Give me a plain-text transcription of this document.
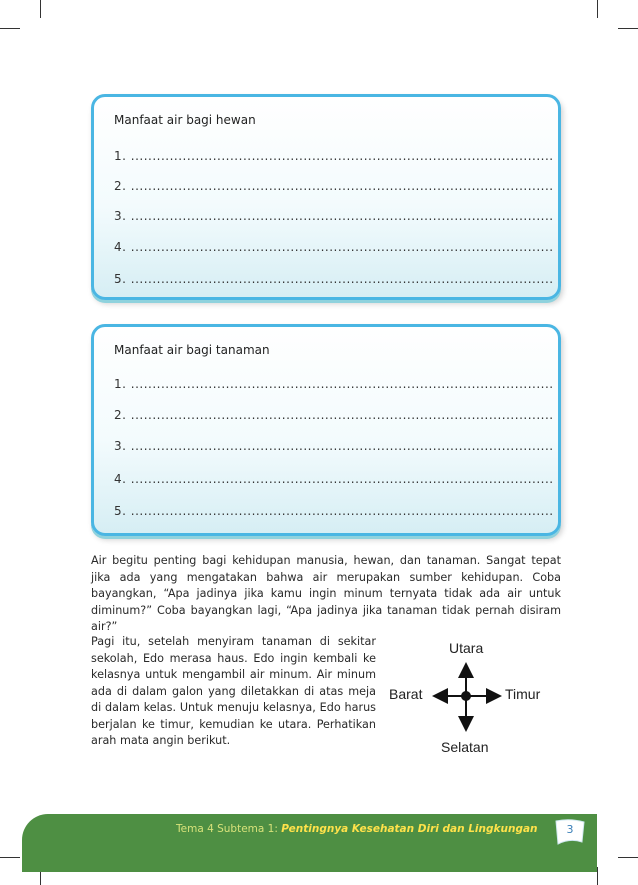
Manfaat air bagi hewan
1. ..................................................................................................
2. ..................................................................................................
3. ..................................................................................................
4. ..................................................................................................
5. ..................................................................................................
Manfaat air bagi tanaman
1. ..................................................................................................
2. ..................................................................................................
3. ..................................................................................................
4. ..................................................................................................
5. ..................................................................................................
Air begitu penting bagi kehidupan manusia, hewan, dan tanaman. Sangat tepat jika ada yang mengatakan bahwa air merupakan sumber kehidupan. Coba bayangkan, “Apa jadinya jika kamu ingin minum ternyata tidak ada air untuk diminum?” Coba bayangkan lagi, “Apa jadinya jika tanaman tidak pernah disiram air?”
Pagi itu, setelah menyiram tanaman di sekitar sekolah, Edo merasa haus. Edo ingin kembali ke kelasnya untuk mengambil air minum. Air minum ada di dalam galon yang diletakkan di atas meja di dalam kelas. Untuk menuju kelasnya, Edo harus berjalan ke timur, kemudian ke utara. Perhatikan arah mata angin berikut.
Utara
Selatan
Barat	Timur
Tema 4 Subtema 1: Pentingnya Kesehatan Diri dan Lingkungan	3
